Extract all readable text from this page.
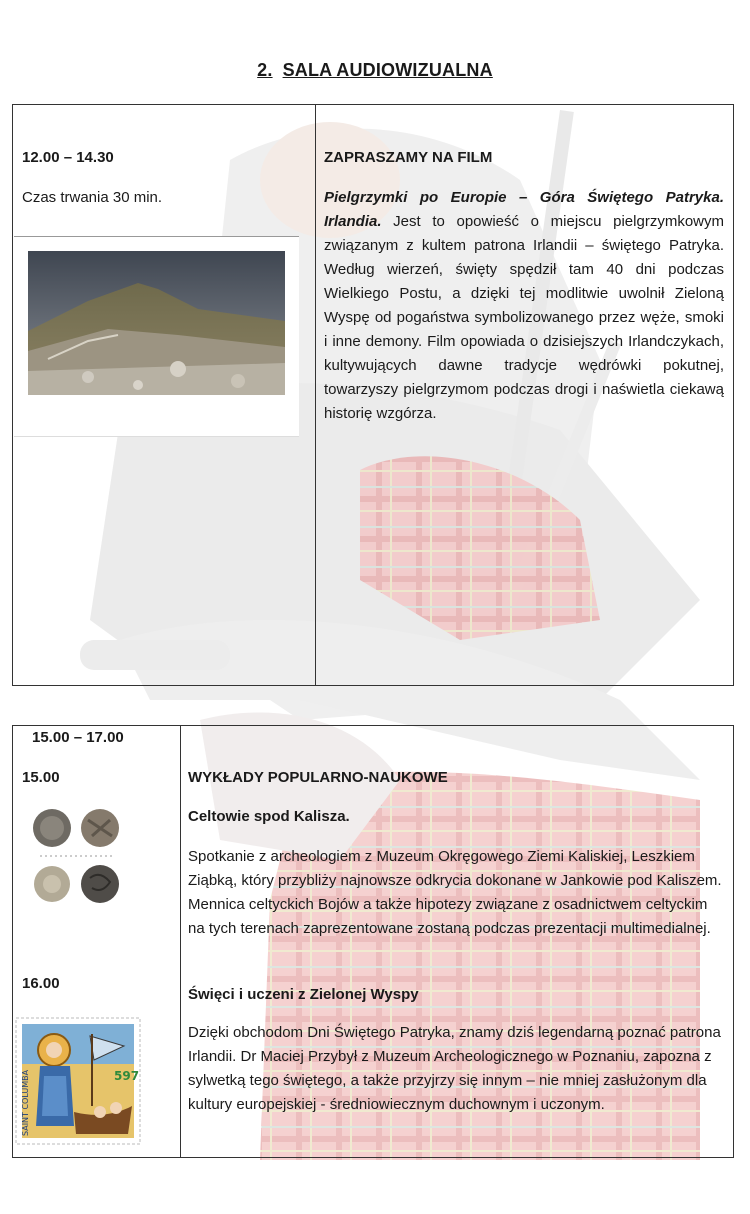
2. SALA AUDIOWIZUALNA
12.00 – 14.30
Czas trwania 30 min.
ZAPRASZAMY NA FILM
Pielgrzymki po Europie – Góra Świętego Patryka. Irlandia. Jest to opowieść o miejscu pielgrzymkowym związanym z kultem patrona Irlandii – świętego Patryka. Według wierzeń, święty spędził tam 40 dni podczas Wielkiego Postu, a dzięki tej modlitwie uwolnił Zieloną Wyspę od pogaństwa symbolizowanego przez węże, smoki i inne demony. Film opowiada o dzisiejszych Irlandczykach, kultywujących dawne tradycje wędrówki pokutnej, towarzyszy pielgrzymom podczas drogi i naświetla ciekawą historię wzgórza.
15.00 – 17.00
15.00
16.00
WYKŁADY POPULARNO-NAUKOWE
Celtowie spod Kalisza.
Spotkanie z archeologiem z Muzeum Okręgowego Ziemi Kaliskiej, Leszkiem Ziąbką, który przybliży najnowsze odkrycia dokonane w Jankowie pod Kaliszem. Mennica celtyckich Bojów a także hipotezy związane z osadnictwem celtyckim na tych terenach zaprezentowane zostaną podczas prezentacji multimedialnej.
Święci i uczeni z Zielonej Wyspy
Dzięki obchodom Dni Świętego Patryka, znamy dziś legendarną poznać patrona Irlandii. Dr Maciej Przybył z Muzeum Archeologicznego w Poznaniu, zapozna z sylwetką tego świętego, a także przyjrzy się innym – nie mniej zasłużonym dla kultury europejskiej - średniowiecznym duchownym i uczonym.
SAINT COLUMBA	597
